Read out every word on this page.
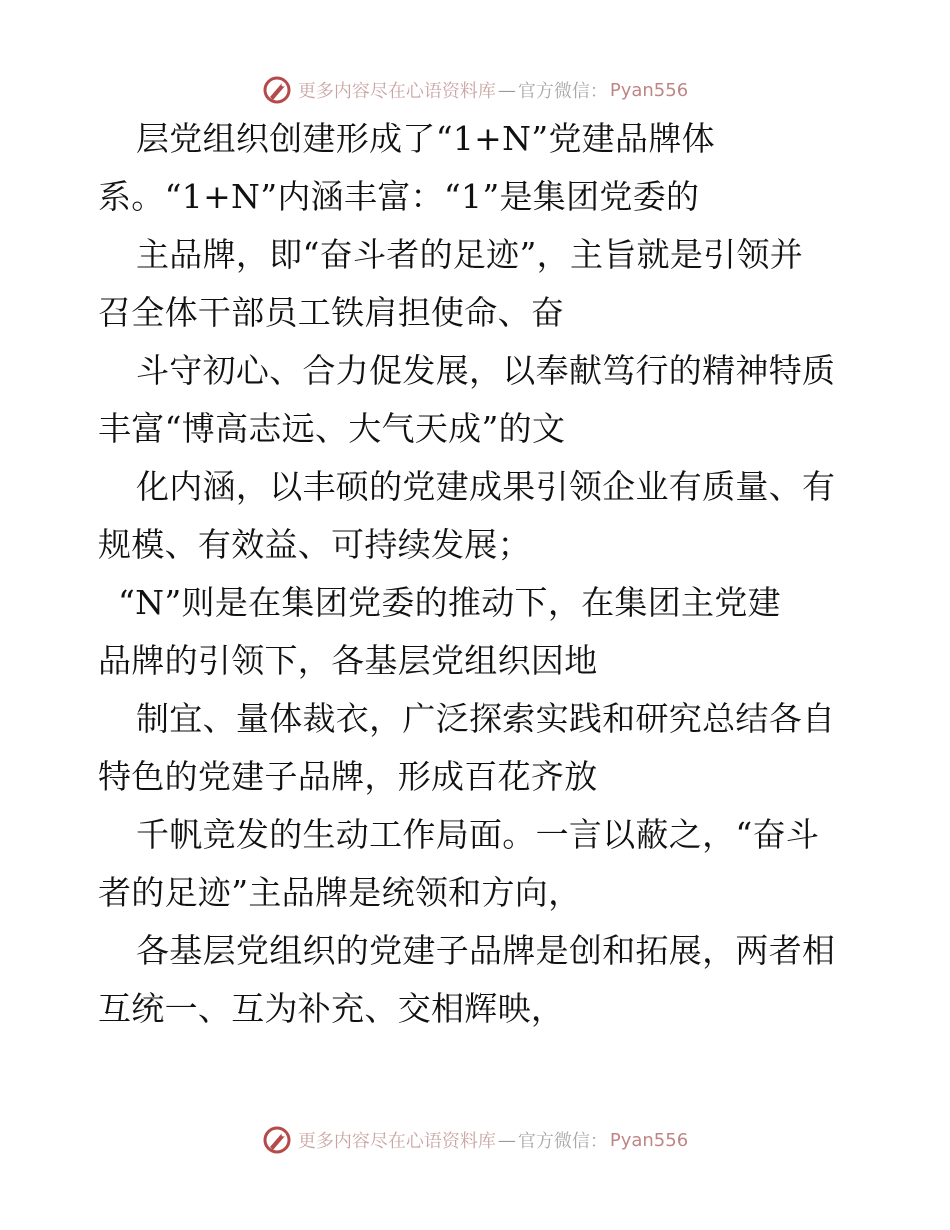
更多内容尽在心语资料库 — 官方微信： Pyan556
层党组织创建形成了“1+N”党建品牌体
系。“1+N”内涵丰富：“1”是集团党委的
主品牌，即“奋斗者的足迹”，主旨就是引领并
召全体干部员工铁肩担使命、奋
斗守初心、合力促发展，以奉献笃行的精神特质
丰富“博高志远、大气天成”的文
化内涵，以丰硕的党建成果引领企业有质量、有
规模、有效益、可持续发展；
“N”则是在集团党委的推动下，在集团主党建
品牌的引领下，各基层党组织因地
制宜、量体裁衣，广泛探索实践和研究总结各自
特色的党建子品牌，形成百花齐放
千帆竞发的生动工作局面。一言以蔽之，“奋斗
者的足迹”主品牌是统领和方向，
各基层党组织的党建子品牌是创和拓展，两者相
互统一、互为补充、交相辉映，
更多内容尽在心语资料库 — 官方微信： Pyan556
